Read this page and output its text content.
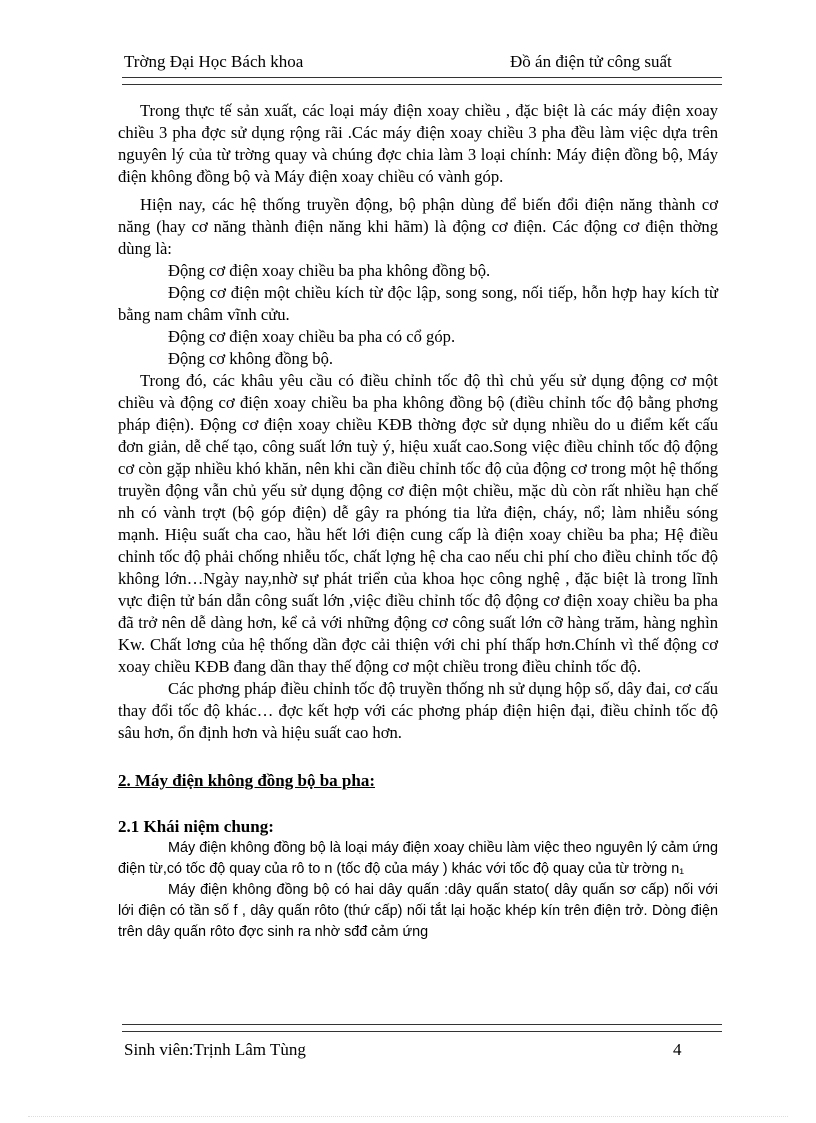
Trờng Đại Học Bách khoa	Đồ án điện tử công suất

Trong thực tế sản xuất, các loại máy điện xoay chiều , đặc biệt là các máy điện xoay chiều 3 pha đợc sử dụng rộng rãi .Các máy điện xoay chiều 3 pha đều làm việc dựa trên nguyên lý của từ trờng quay và chúng đợc chia làm 3 loại chính: Máy điện đồng bộ, Máy điện không đồng bộ và Máy điện xoay chiều có vành góp.

Hiện nay, các hệ thống truyền động, bộ phận dùng để biến đổi điện năng thành cơ năng (hay cơ năng thành điện năng khi hãm) là động cơ điện. Các động cơ điện thờng dùng là:

Động cơ điện xoay chiều ba pha không đồng bộ.

Động cơ điện một chiều kích từ độc lập, song song, nối tiếp, hỗn hợp hay kích từ bằng nam châm vĩnh cửu.

Động cơ điện xoay chiều ba pha có cổ góp.

Động cơ không đồng bộ.

Trong đó, các khâu yêu cầu có điều chỉnh tốc độ thì chủ yếu sử dụng động cơ một chiều và động cơ điện xoay chiều ba pha không đồng bộ (điều chỉnh tốc độ bằng phơng pháp điện). Động cơ điện xoay chiều KĐB thờng đợc sử dụng nhiều do u điểm kết cấu đơn giản, dễ chế tạo, công suất lớn tuỳ ý, hiệu xuất cao.Song việc điều chỉnh tốc độ động cơ còn gặp nhiều khó khăn, nên khi cần điều chỉnh tốc độ của động cơ trong một hệ thống truyền động vẫn chủ yếu sử dụng động cơ điện một chiều, mặc dù còn rất nhiều hạn chế nh có vành trợt (bộ góp điện) dễ gây ra phóng tia lửa điện, cháy, nổ; làm nhiễu sóng mạnh. Hiệu suất cha cao, hầu hết lới điện cung cấp là điện xoay chiều ba pha; Hệ điều chỉnh tốc độ phải chống nhiễu tốc, chất lợng hệ cha cao nếu chi phí cho điều chỉnh tốc độ không lớn…Ngày nay,nhờ sự phát triển của khoa học công nghệ , đặc biệt là trong lĩnh vực điện tử bán dẫn công suất lớn ,việc điều chỉnh tốc độ động cơ điện xoay chiều ba pha đã trở nên dễ dàng hơn, kể cả với những động cơ công suất lớn cỡ hàng trăm, hàng nghìn Kw. Chất lơng của hệ thống dần đợc cải thiện với chi phí thấp hơn.Chính vì thế động cơ xoay chiều KĐB đang dần thay thế động cơ một chiều trong điều chỉnh tốc độ.

Các phơng pháp điều chỉnh tốc độ truyền thống nh sử dụng hộp số, dây đai, cơ cấu thay đổi tốc độ khác… đợc kết hợp với các phơng pháp điện hiện đại, điều chỉnh tốc độ sâu hơn, ổn định hơn và hiệu suất cao hơn.

2. Máy điện không đồng bộ ba pha:

2.1 Khái niệm chung:

Máy điện không đồng bộ là loại máy điện xoay chiều làm việc theo nguyên lý cảm ứng điện từ,có tốc độ quay của rô to n (tốc độ của máy ) khác với tốc độ quay của từ trờng n₁

Máy điện không đồng bộ có hai dây quấn :dây quấn stato( dây quấn sơ cấp) nối với lới điện có tần số f , dây quấn rôto (thứ cấp) nối tắt lại hoặc khép kín trên điện trở. Dòng điện trên dây quấn rôto đợc sinh ra nhờ sđđ cảm ứng

Sinh viên:Trịnh Lâm Tùng	4
